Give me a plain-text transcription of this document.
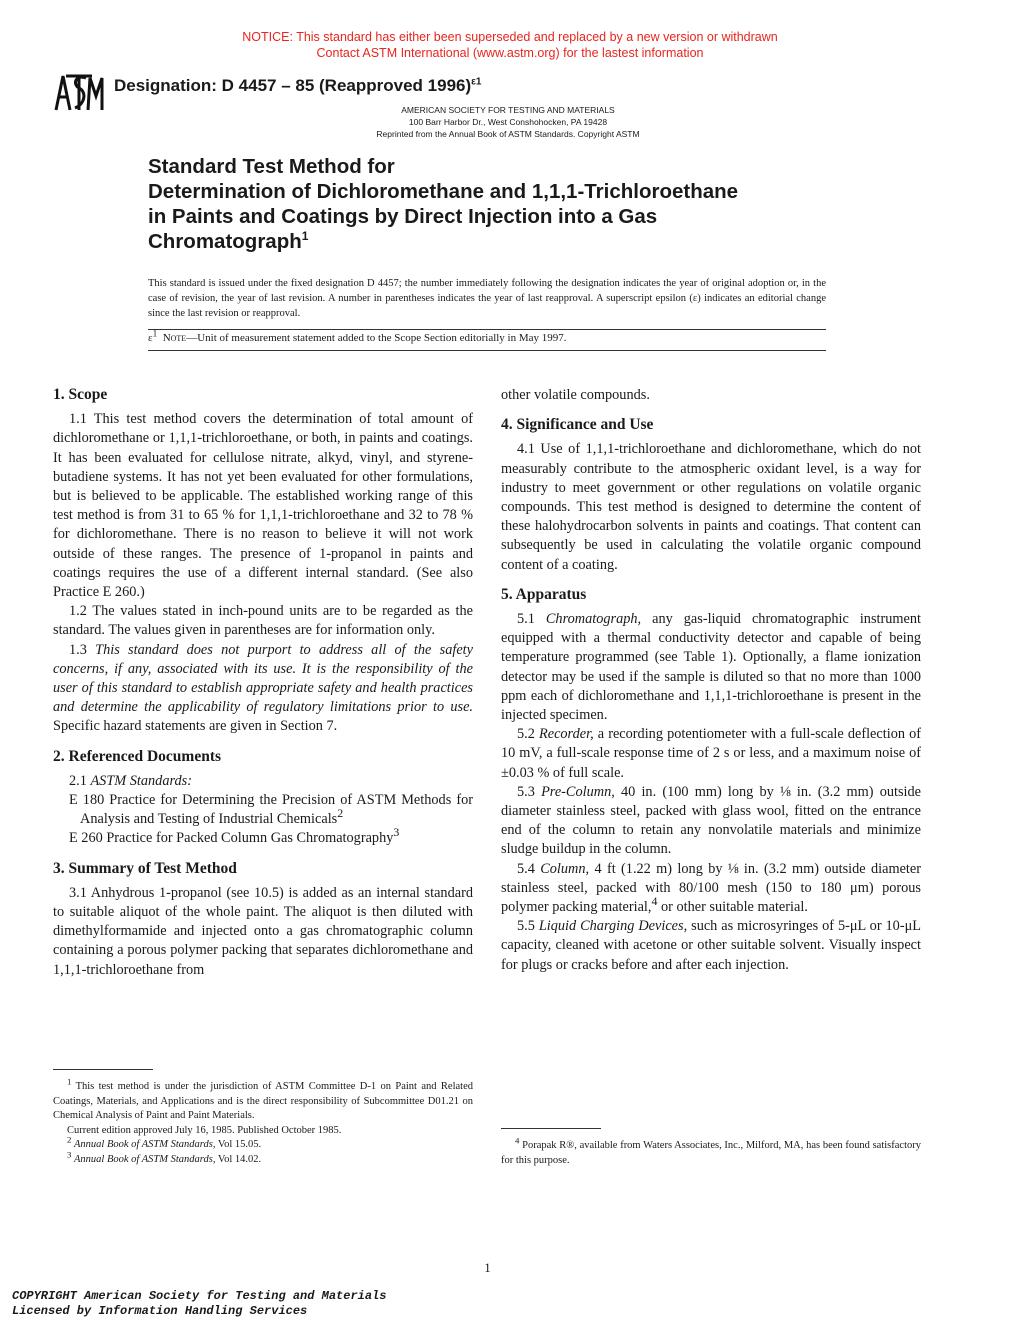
NOTICE: This standard has either been superseded and replaced by a new version or withdrawn
Contact ASTM International (www.astm.org) for the lastest information
Designation: D 4457 – 85 (Reapproved 1996)$^{\varepsilon 1}$
AMERICAN SOCIETY FOR TESTING AND MATERIALS
100 Barr Harbor Dr., West Conshohocken, PA 19428
Reprinted from the Annual Book of ASTM Standards. Copyright ASTM
Standard Test Method for
Determination of Dichloromethane and 1,1,1-Trichloroethane
in Paints and Coatings by Direct Injection into a Gas
Chromatograph$^1$
This standard is issued under the fixed designation D 4457; the number immediately following the designation indicates the year of original adoption or, in the case of revision, the year of last revision. A number in parentheses indicates the year of last reapproval. A superscript epsilon (ε) indicates an editorial change since the last revision or reapproval.
$\varepsilon^1$ Note—Unit of measurement statement added to the Scope Section editorially in May 1997.
1. Scope

1.1 This test method covers the determination of total amount of dichloromethane or 1,1,1-trichloroethane, or both, in paints and coatings. It has been evaluated for cellulose nitrate, alkyd, vinyl, and styrene-butadiene systems. It has not yet been evaluated for other formulations, but is believed to be applicable. The established working range of this test method is from 31 to 65 % for 1,1,1-trichloroethane and 32 to 78 % for dichloromethane. There is no reason to believe it will not work outside of these ranges. The presence of 1-propanol in paints and coatings requires the use of a different internal standard. (See also Practice E 260.)

1.2 The values stated in inch-pound units are to be regarded as the standard. The values given in parentheses are for information only.

1.3 This standard does not purport to address all of the safety concerns, if any, associated with its use. It is the responsibility of the user of this standard to establish appropriate safety and health practices and determine the applicability of regulatory limitations prior to use. Specific hazard statements are given in Section 7.

2. Referenced Documents

2.1 ASTM Standards:

E 180 Practice for Determining the Precision of ASTM Methods for Analysis and Testing of Industrial Chemicals$^2$

E 260 Practice for Packed Column Gas Chromatography$^3$

3. Summary of Test Method

3.1 Anhydrous 1-propanol (see 10.5) is added as an internal standard to suitable aliquot of the whole paint. The aliquot is then diluted with dimethylformamide and injected onto a gas chromatographic column containing a porous polymer packing that separates dichloromethane and 1,1,1-trichloroethane from

other volatile compounds.

4. Significance and Use

4.1 Use of 1,1,1-trichloroethane and dichloromethane, which do not measurably contribute to the atmospheric oxidant level, is a way for industry to meet government or other regulations on volatile organic compounds. This test method is designed to determine the content of these halohydrocarbon solvents in paints and coatings. That content can subsequently be used in calculating the volatile organic compound content of a coating.

5. Apparatus

5.1 Chromatograph, any gas-liquid chromatographic instrument equipped with a thermal conductivity detector and capable of being temperature programmed (see Table 1). Optionally, a flame ionization detector may be used if the sample is diluted so that no more than 1000 ppm each of dichloromethane and 1,1,1-trichloroethane is present in the injected specimen.

5.2 Recorder, a recording potentiometer with a full-scale deflection of 10 mV, a full-scale response time of 2 s or less, and a maximum noise of ±0.03 % of full scale.

5.3 Pre-Column, 40 in. (100 mm) long by ⅛ in. (3.2 mm) outside diameter stainless steel, packed with glass wool, fitted on the entrance end of the column to retain any nonvolatile materials and minimize sludge buildup in the column.

5.4 Column, 4 ft (1.22 m) long by ⅛ in. (3.2 mm) outside diameter stainless steel, packed with 80/100 mesh (150 to 180 μm) porous polymer packing material,$^4$ or other suitable material.

5.5 Liquid Charging Devices, such as microsyringes of 5-μL or 10-μL capacity, cleaned with acetone or other suitable solvent. Visually inspect for plugs or cracks before and after each injection.

$^1$ This test method is under the jurisdiction of ASTM Committee D-1 on Paint and Related Coatings, Materials, and Applications and is the direct responsibility of Subcommittee D01.21 on Chemical Analysis of Paint and Paint Materials.

Current edition approved July 16, 1985. Published October 1985.

$^2$ Annual Book of ASTM Standards, Vol 15.05.

$^3$ Annual Book of ASTM Standards, Vol 14.02.

$^4$ Porapak R®, available from Waters Associates, Inc., Milford, MA, has been found satisfactory for this purpose.

1
COPYRIGHT American Society for Testing and Materials
Licensed by Information Handling Services
